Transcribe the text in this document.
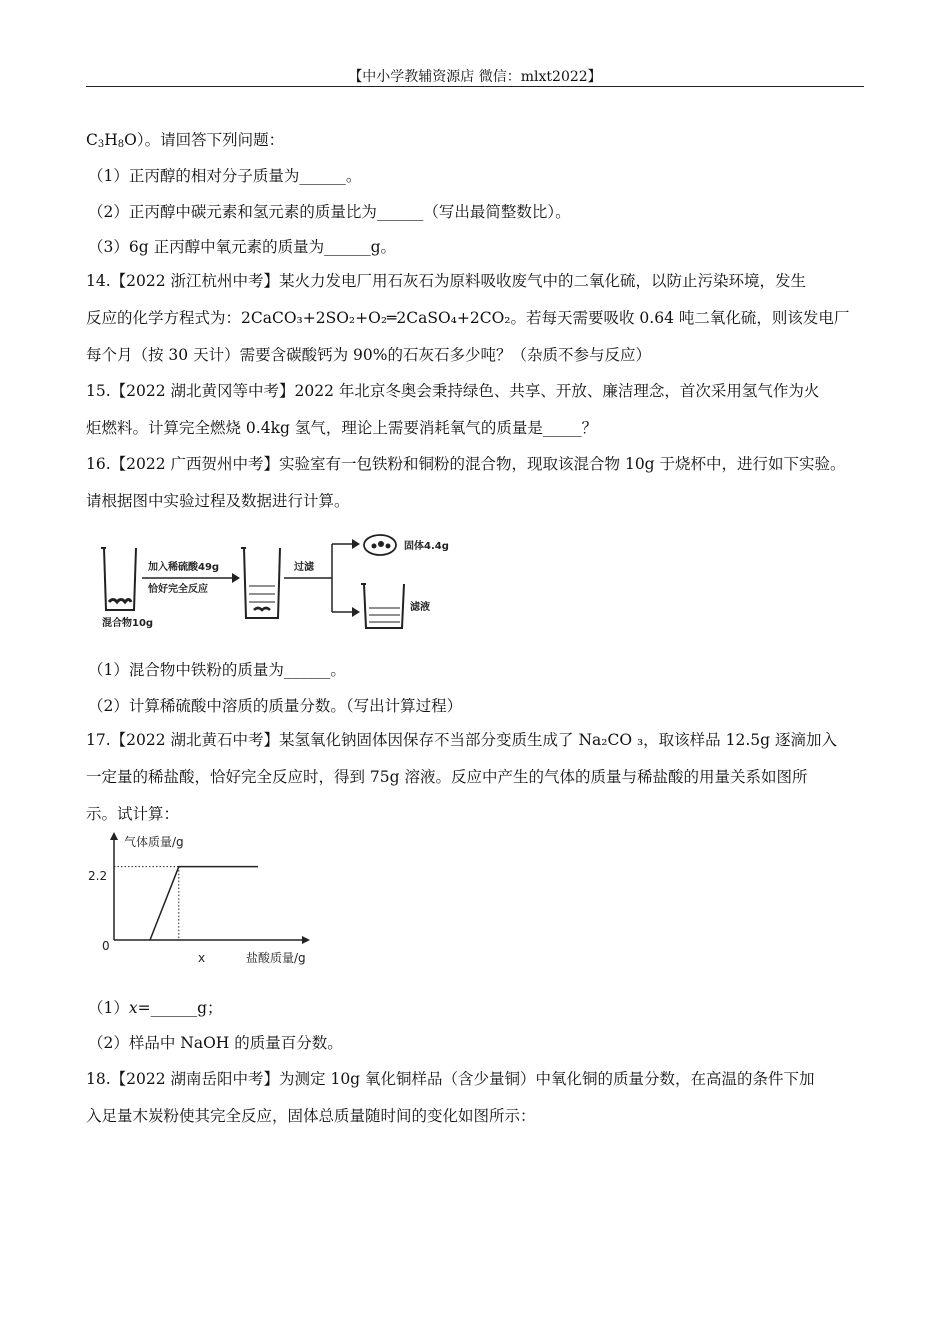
【中小学教辅资源店 微信：mlxt2022】
$C_3H_8O$）。请回答下列问题：
（1）正丙醇的相对分子质量为______。
（2）正丙醇中碳元素和氢元素的质量比为______（写出最简整数比）。
（3）6g 正丙醇中氧元素的质量为______g。
14.【2022 浙江杭州中考】某火力发电厂用石灰石为原料吸收废气中的二氧化硫，以防止污染环境，发生
反应的化学方程式为：2CaCO₃+2SO₂+O₂═2CaSO₄+2CO₂。若每天需要吸收 0.64 吨二氧化硫，则该发电厂
每个月（按 30 天计）需要含碳酸钙为 90%的石灰石多少吨？（杂质不参与反应）
15.【2022 湖北黄冈等中考】2022 年北京冬奥会秉持绿色、共享、开放、廉洁理念，首次采用氢气作为火
炬燃料。计算完全燃烧 0.4kg 氢气，理论上需要消耗氧气的质量是_____？
16.【2022 广西贺州中考】实验室有一包铁粉和铜粉的混合物，现取该混合物 10g 于烧杯中，进行如下实验。
请根据图中实验过程及数据进行计算。
混合物10g
加入稀硫酸49g
恰好完全反应
过滤
固体4.4g
滤液
（1）混合物中铁粉的质量为______。
（2）计算稀硫酸中溶质的质量分数。（写出计算过程）
17.【2022 湖北黄石中考】某氢氧化钠固体因保存不当部分变质生成了 Na₂CO ₃，取该样品 12.5g 逐滴加入
一定量的稀盐酸，恰好完全反应时，得到 75g 溶液。反应中产生的气体的质量与稀盐酸的用量关系如图所
示。试计算：
气体质量/g
盐酸质量/g
2.2
0
x
（1）x=______g；
（2）样品中 NaOH 的质量百分数。
18.【2022 湖南岳阳中考】为测定 10g 氧化铜样品（含少量铜）中氧化铜的质量分数，在高温的条件下加
入足量木炭粉使其完全反应，固体总质量随时间的变化如图所示：
